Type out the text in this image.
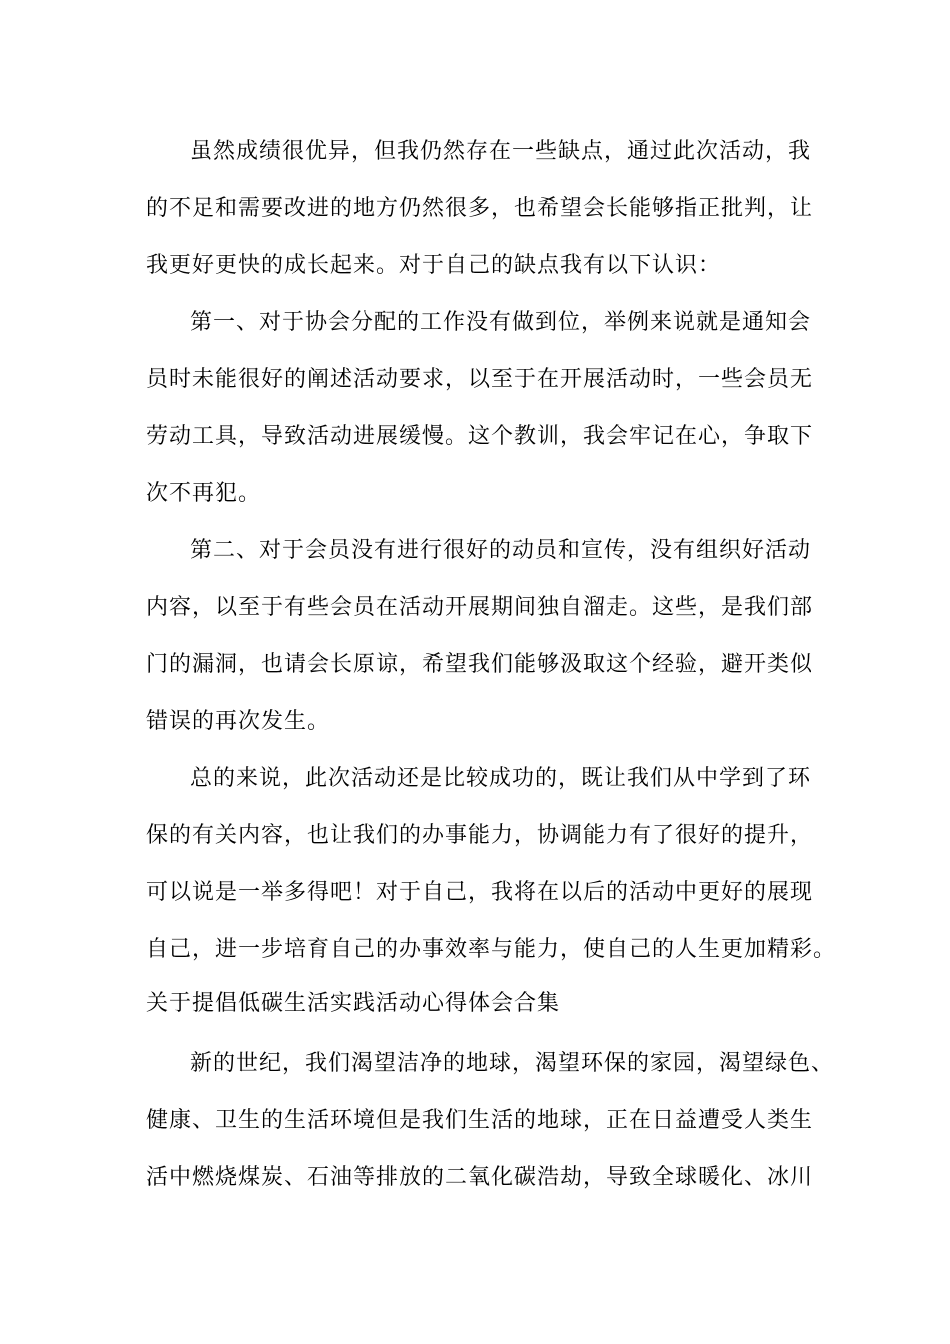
虽然成绩很优异，但我仍然存在一些缺点，通过此次活动，我
的不足和需要改进的地方仍然很多，也希望会长能够指正批判，让
我更好更快的成长起来。对于自己的缺点我有以下认识：
第一、对于协会分配的工作没有做到位，举例来说就是通知会
员时未能很好的阐述活动要求，以至于在开展活动时，一些会员无
劳动工具，导致活动进展缓慢。这个教训，我会牢记在心，争取下
次不再犯。
第二、对于会员没有进行很好的动员和宣传，没有组织好活动
内容，以至于有些会员在活动开展期间独自溜走。这些，是我们部
门的漏洞，也请会长原谅，希望我们能够汲取这个经验，避开类似
错误的再次发生。
总的来说，此次活动还是比较成功的，既让我们从中学到了环
保的有关内容，也让我们的办事能力，协调能力有了很好的提升，
可以说是一举多得吧！对于自己，我将在以后的活动中更好的展现
自己，进一步培育自己的办事效率与能力，使自己的人生更加精彩。
关于提倡低碳生活实践活动心得体会合集
新的世纪，我们渴望洁净的地球，渴望环保的家园，渴望绿色、
健康、卫生的生活环境但是我们生活的地球，正在日益遭受人类生
活中燃烧煤炭、石油等排放的二氧化碳浩劫，导致全球暖化、冰川
